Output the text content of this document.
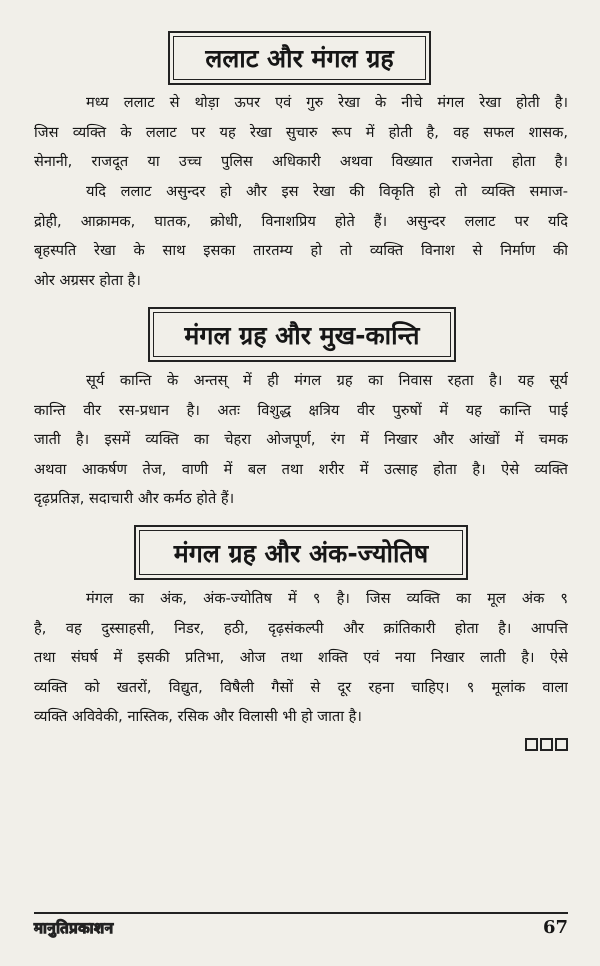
ललाट और मंगल ग्रह
मध्य ललाट से थोड़ा ऊपर एवं गुरु रेखा के नीचे मंगल रेखा होती है।
जिस व्यक्ति के ललाट पर यह रेखा सुचारु रूप में होती है, वह सफल शासक,
सेनानी, राजदूत या उच्च पुलिस अधिकारी अथवा विख्यात राजनेता होता है।
यदि ललाट असुन्दर हो और इस रेखा की विकृति हो तो व्यक्ति समाज-
द्रोही, आक्रामक, घातक, क्रोधी, विनाशप्रिय होते हैं। असुन्दर ललाट पर यदि
बृहस्पति रेखा के साथ इसका तारतम्य हो तो व्यक्ति विनाश से निर्माण की
ओर अग्रसर होता है।
मंगल ग्रह और मुख-कान्ति
सूर्य कान्ति के अन्तस् में ही मंगल ग्रह का निवास रहता है। यह सूर्य
कान्ति वीर रस-प्रधान है। अतः विशुद्ध क्षत्रिय वीर पुरुषों में यह कान्ति पाई
जाती है। इसमें व्यक्ति का चेहरा ओजपूर्ण, रंग में निखार और आंखों में चमक
अथवा आकर्षण तेज, वाणी में बल तथा शरीर में उत्साह होता है। ऐसे व्यक्ति
दृढ़प्रतिज्ञ, सदाचारी और कर्मठ होते हैं।
मंगल ग्रह और अंक-ज्योतिष
मंगल का अंक, अंक-ज्योतिष में ९ है। जिस व्यक्ति का मूल अंक ९
है, वह दुस्साहसी, निडर, हठी, दृढ़संकल्पी और क्रांतिकारी होता है। आपत्ति
तथा संघर्ष में इसकी प्रतिभा, ओज तथा शक्ति एवं नया निखार लाती है। ऐसे
व्यक्ति को खतरों, विद्युत, विषैली गैसों से दूर रहना चाहिए। ९ मूलांक वाला
व्यक्ति अविवेकी, नास्तिक, रसिक और विलासी भी हो जाता है।
मानुतिप्रकाशन	67
